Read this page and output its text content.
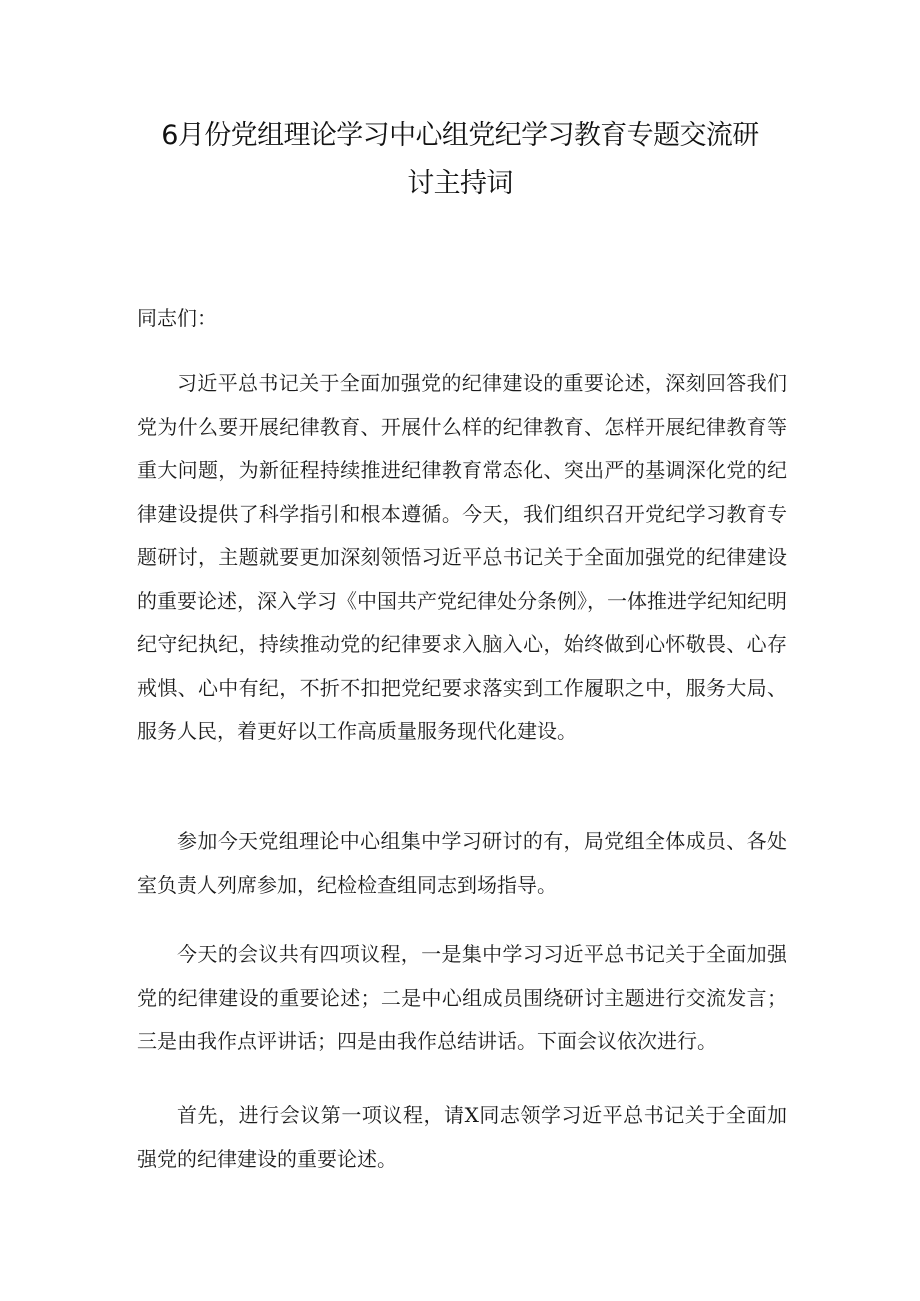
6月份党组理论学习中心组党纪学习教育专题交流研
讨主持词
同志们：

习近平总书记关于全面加强党的纪律建设的重要论述，深刻回答我们党为什么要开展纪律教育、开展什么样的纪律教育、怎样开展纪律教育等重大问题，为新征程持续推进纪律教育常态化、突出严的基调深化党的纪律建设提供了科学指引和根本遵循。今天，我们组织召开党纪学习教育专题研讨，主题就要更加深刻领悟习近平总书记关于全面加强党的纪律建设的重要论述，深入学习《中国共产党纪律处分条例》，一体推进学纪知纪明纪守纪执纪，持续推动党的纪律要求入脑入心，始终做到心怀敬畏、心存戒惧、心中有纪，不折不扣把党纪要求落实到工作履职之中，服务大局、服务人民，着更好以工作高质量服务现代化建设。

参加今天党组理论中心组集中学习研讨的有，局党组全体成员、各处室负责人列席参加，纪检检查组同志到场指导。

今天的会议共有四项议程，一是集中学习习近平总书记关于全面加强党的纪律建设的重要论述；二是中心组成员围绕研讨主题进行交流发言；三是由我作点评讲话；四是由我作总结讲话。下面会议依次进行。

首先，进行会议第一项议程，请X同志领学习近平总书记关于全面加强党的纪律建设的重要论述。
